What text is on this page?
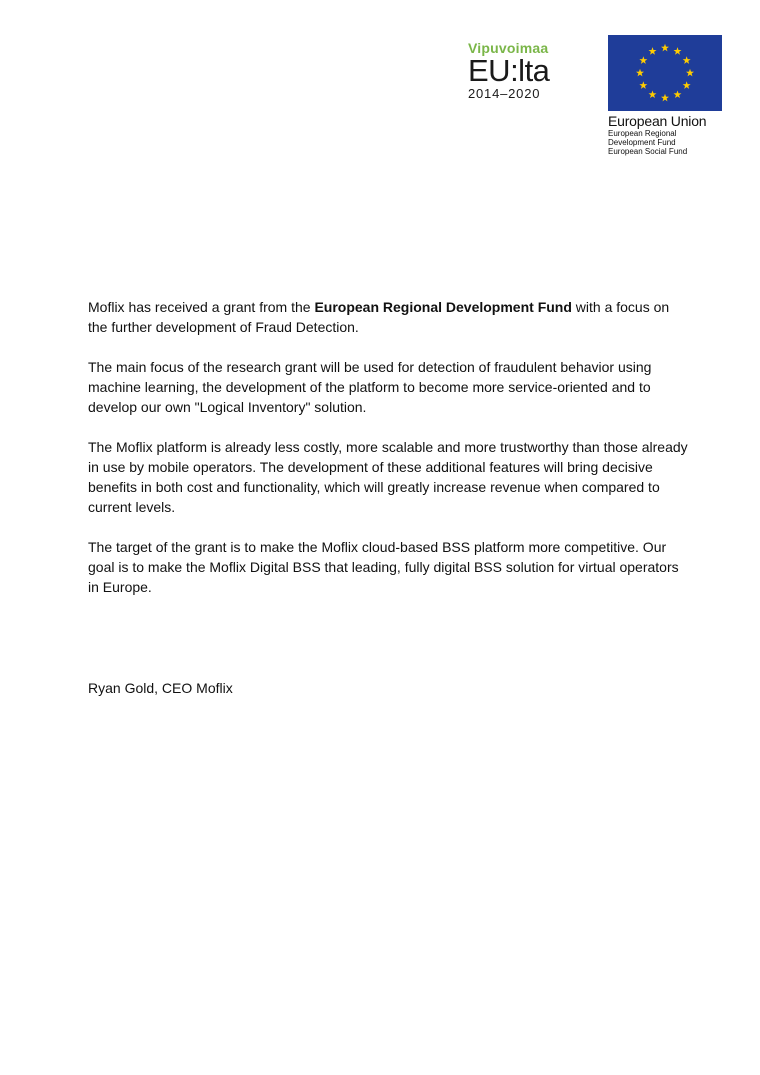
Vipuvoimaa
EU:lta
2014–2020
European Union
European Regional
Development Fund
European Social Fund

Moflix has received a grant from the European Regional Development Fund with a focus on the further development of Fraud Detection.

The main focus of the research grant will be used for detection of fraudulent behavior using machine learning, the development of the platform to become more service-oriented and to develop our own "Logical Inventory" solution.

The Moflix platform is already less costly, more scalable and more trustworthy than those already in use by mobile operators. The development of these additional features will bring decisive benefits in both cost and functionality, which will greatly increase revenue when compared to current levels.

The target of the grant is to make the Moflix cloud-based BSS platform more competitive. Our goal is to make the Moflix Digital BSS that leading, fully digital BSS solution for virtual operators in Europe.

Ryan Gold, CEO Moflix
